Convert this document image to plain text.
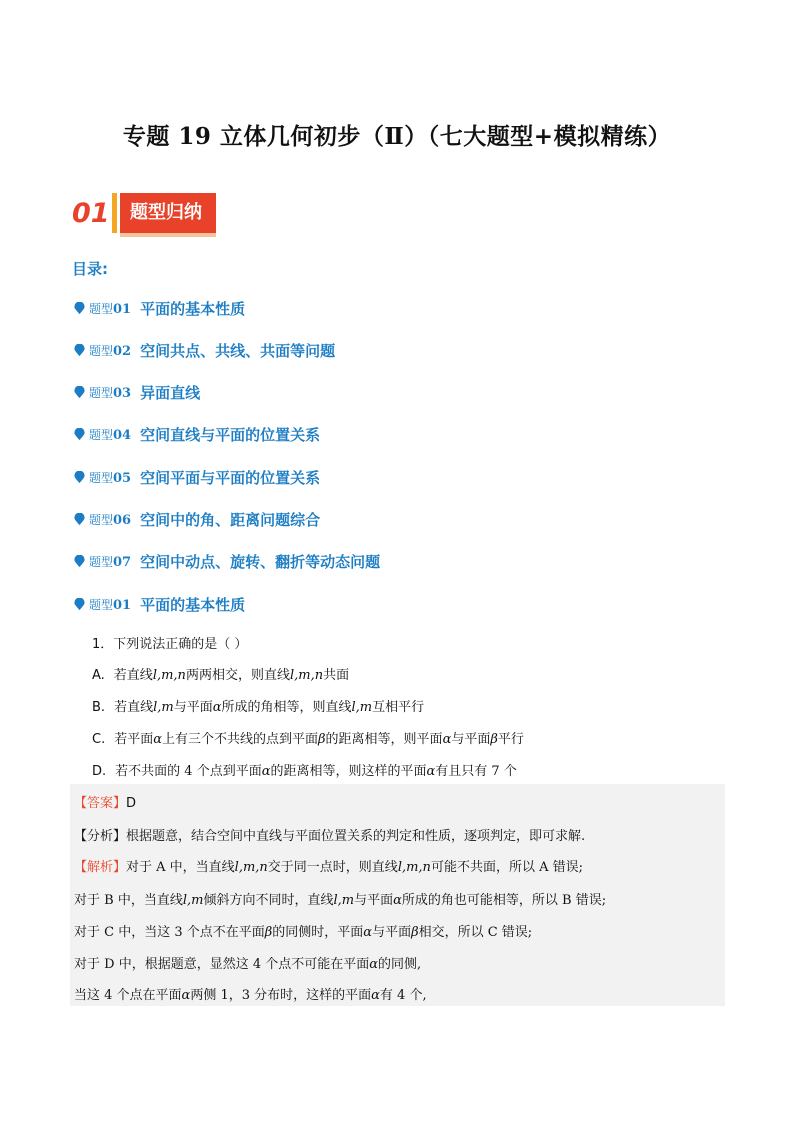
专题 19 立体几何初步（Ⅱ）（七大题型+模拟精练）
01	题型归纳
目录:
题型01 平面的基本性质
题型02 空间共点、共线、共面等问题
题型03 异面直线
题型04 空间直线与平面的位置关系
题型05 空间平面与平面的位置关系
题型06 空间中的角、距离问题综合
题型07 空间中动点、旋转、翻折等动态问题
题型01 平面的基本性质
1．下列说法正确的是（ ）
A. 若直线l,m,n两两相交，则直线l,m,n共面
B. 若直线l,m与平面α所成的角相等，则直线l,m互相平行
C. 若平面α上有三个不共线的点到平面β的距离相等，则平面α与平面β平行
D. 若不共面的 4 个点到平面α的距离相等，则这样的平面α有且只有 7 个
【答案】D
【分析】根据题意，结合空间中直线与平面位置关系的判定和性质，逐项判定，即可求解.
【解析】对于 A 中，当直线l,m,n交于同一点时，则直线l,m,n可能不共面，所以 A 错误;
对于 B 中，当直线l,m倾斜方向不同时，直线l,m与平面α所成的角也可能相等，所以 B 错误;
对于 C 中，当这 3 个点不在平面β的同侧时，平面α与平面β相交，所以 C 错误;
对于 D 中，根据题意，显然这 4 个点不可能在平面α的同侧,
当这 4 个点在平面α两侧 1，3 分布时，这样的平面α有 4 个,
